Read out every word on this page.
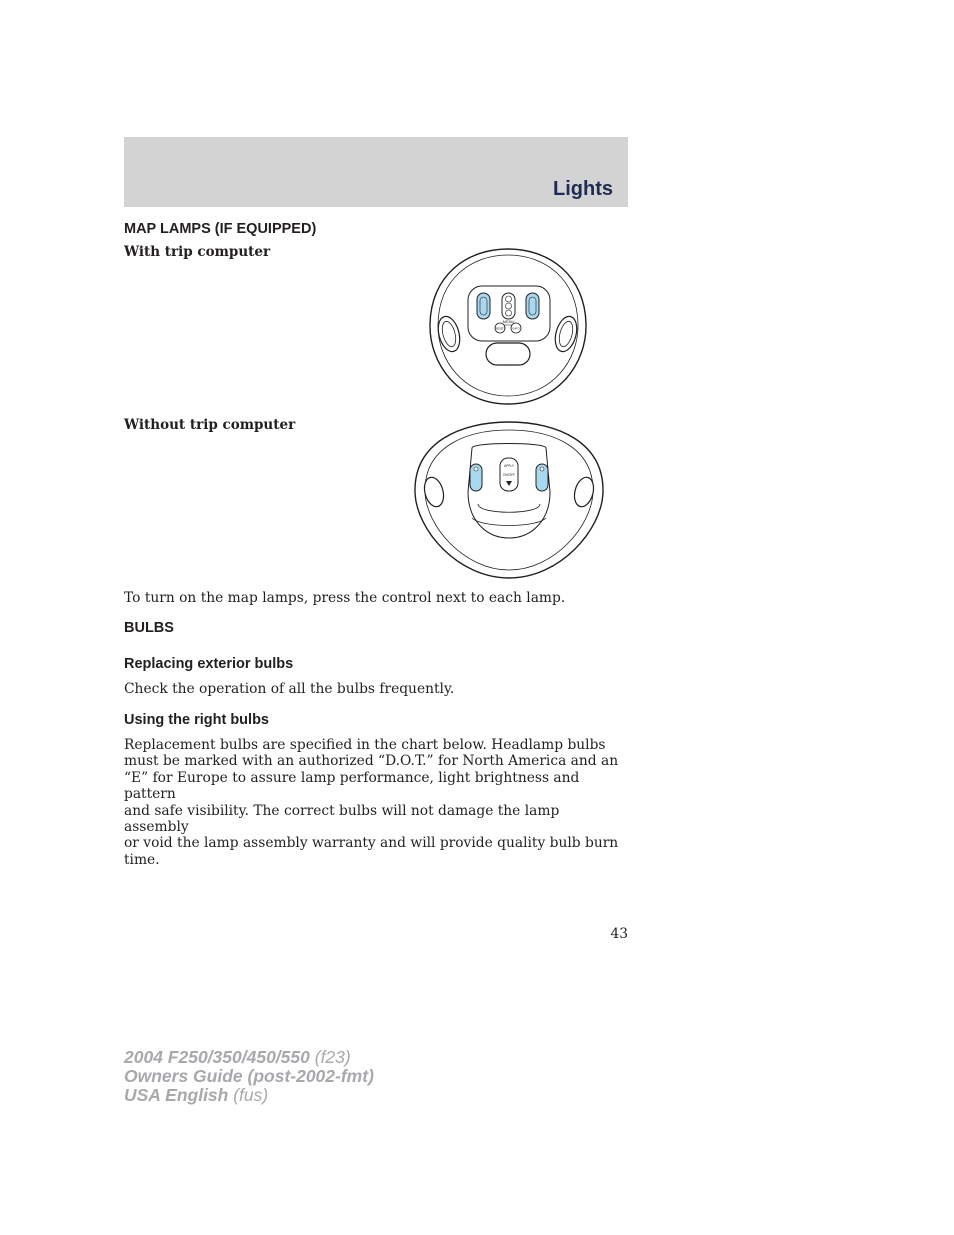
Lights
MAP LAMPS (IF EQUIPPED)
With trip computer
MENU
RESET INFO
Without trip computer
APPLY
ON/OFF
To turn on the map lamps, press the control next to each lamp.
BULBS
Replacing exterior bulbs
Check the operation of all the bulbs frequently.
Using the right bulbs
Replacement bulbs are specified in the chart below. Headlamp bulbs
must be marked with an authorized “D.O.T.” for North America and an
“E” for Europe to assure lamp performance, light brightness and pattern
and safe visibility. The correct bulbs will not damage the lamp assembly
or void the lamp assembly warranty and will provide quality bulb burn
time.
43
2004 F250/350/450/550 (f23)
Owners Guide (post-2002-fmt)
USA English (fus)
